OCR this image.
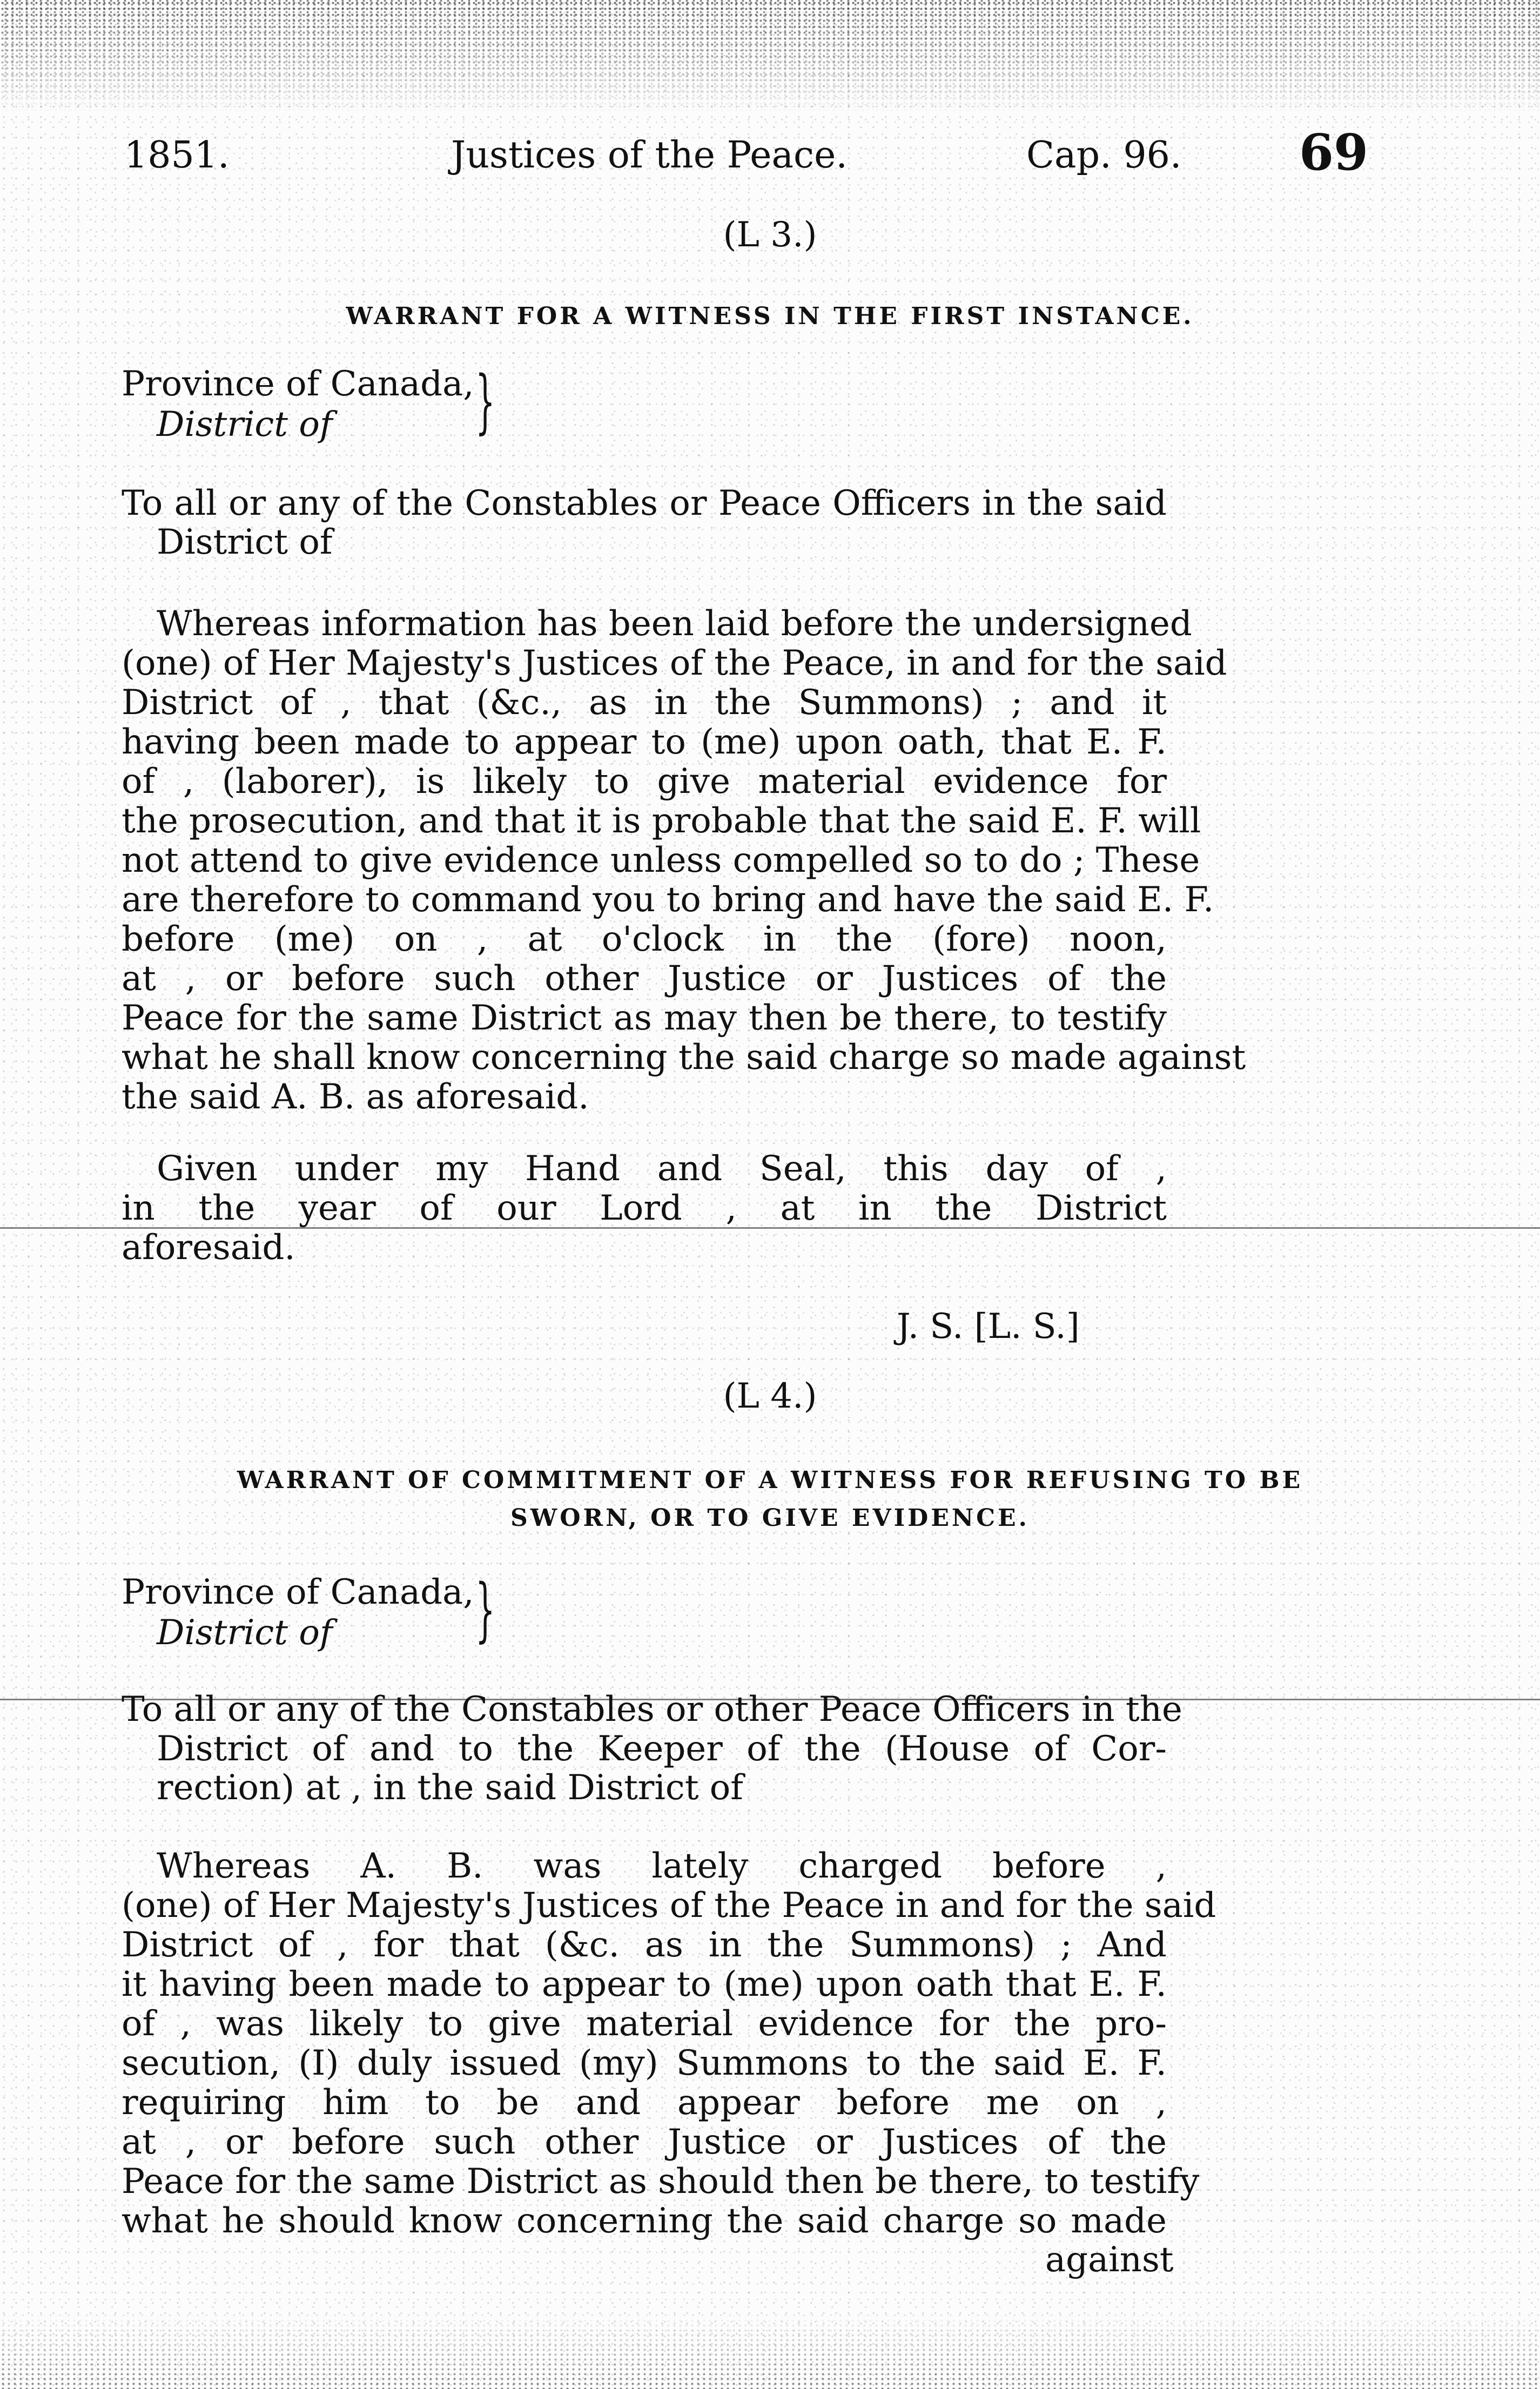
1851.	Justices of the Peace.	Cap. 96. 69
(L 3.)
WARRANT FOR A WITNESS IN THE FIRST INSTANCE.
Province of Canada,
District of }
To all or any of the Constables or Peace Officers in the said
District of
Whereas information has been laid before the undersigned
(one) of Her Majesty's Justices of the Peace, in and for the said
District of , that (&c., as in the Summons) ; and it
having been made to appear to (me) upon oath, that E. F.
of , (laborer), is likely to give material evidence for
the prosecution, and that it is probable that the said E. F. will
not attend to give evidence unless compelled so to do ; These
are therefore to command you to bring and have the said E. F.
before (me) on , at o'clock in the (fore) noon,
at , or before such other Justice or Justices of the
Peace for the same District as may then be there, to testify
what he shall know concerning the said charge so made against
the said A. B. as aforesaid.
Given under my Hand and Seal, this day of ,
in the year of our Lord , at in the District
aforesaid.
J. S. [L. S.]
(L 4.)
WARRANT OF COMMITMENT OF A WITNESS FOR REFUSING TO BE
SWORN, OR TO GIVE EVIDENCE.
Province of Canada,
District of }
To all or any of the Constables or other Peace Officers in the
District of and to the Keeper of the (House of Cor-
rection) at , in the said District of
Whereas A. B. was lately charged before ,
(one) of Her Majesty's Justices of the Peace in and for the said
District of , for that (&c. as in the Summons) ; And
it having been made to appear to (me) upon oath that E. F.
of , was likely to give material evidence for the pro-
secution, (I) duly issued (my) Summons to the said E. F.
requiring him to be and appear before me on ,
at , or before such other Justice or Justices of the
Peace for the same District as should then be there, to testify
what he should know concerning the said charge so made
against
